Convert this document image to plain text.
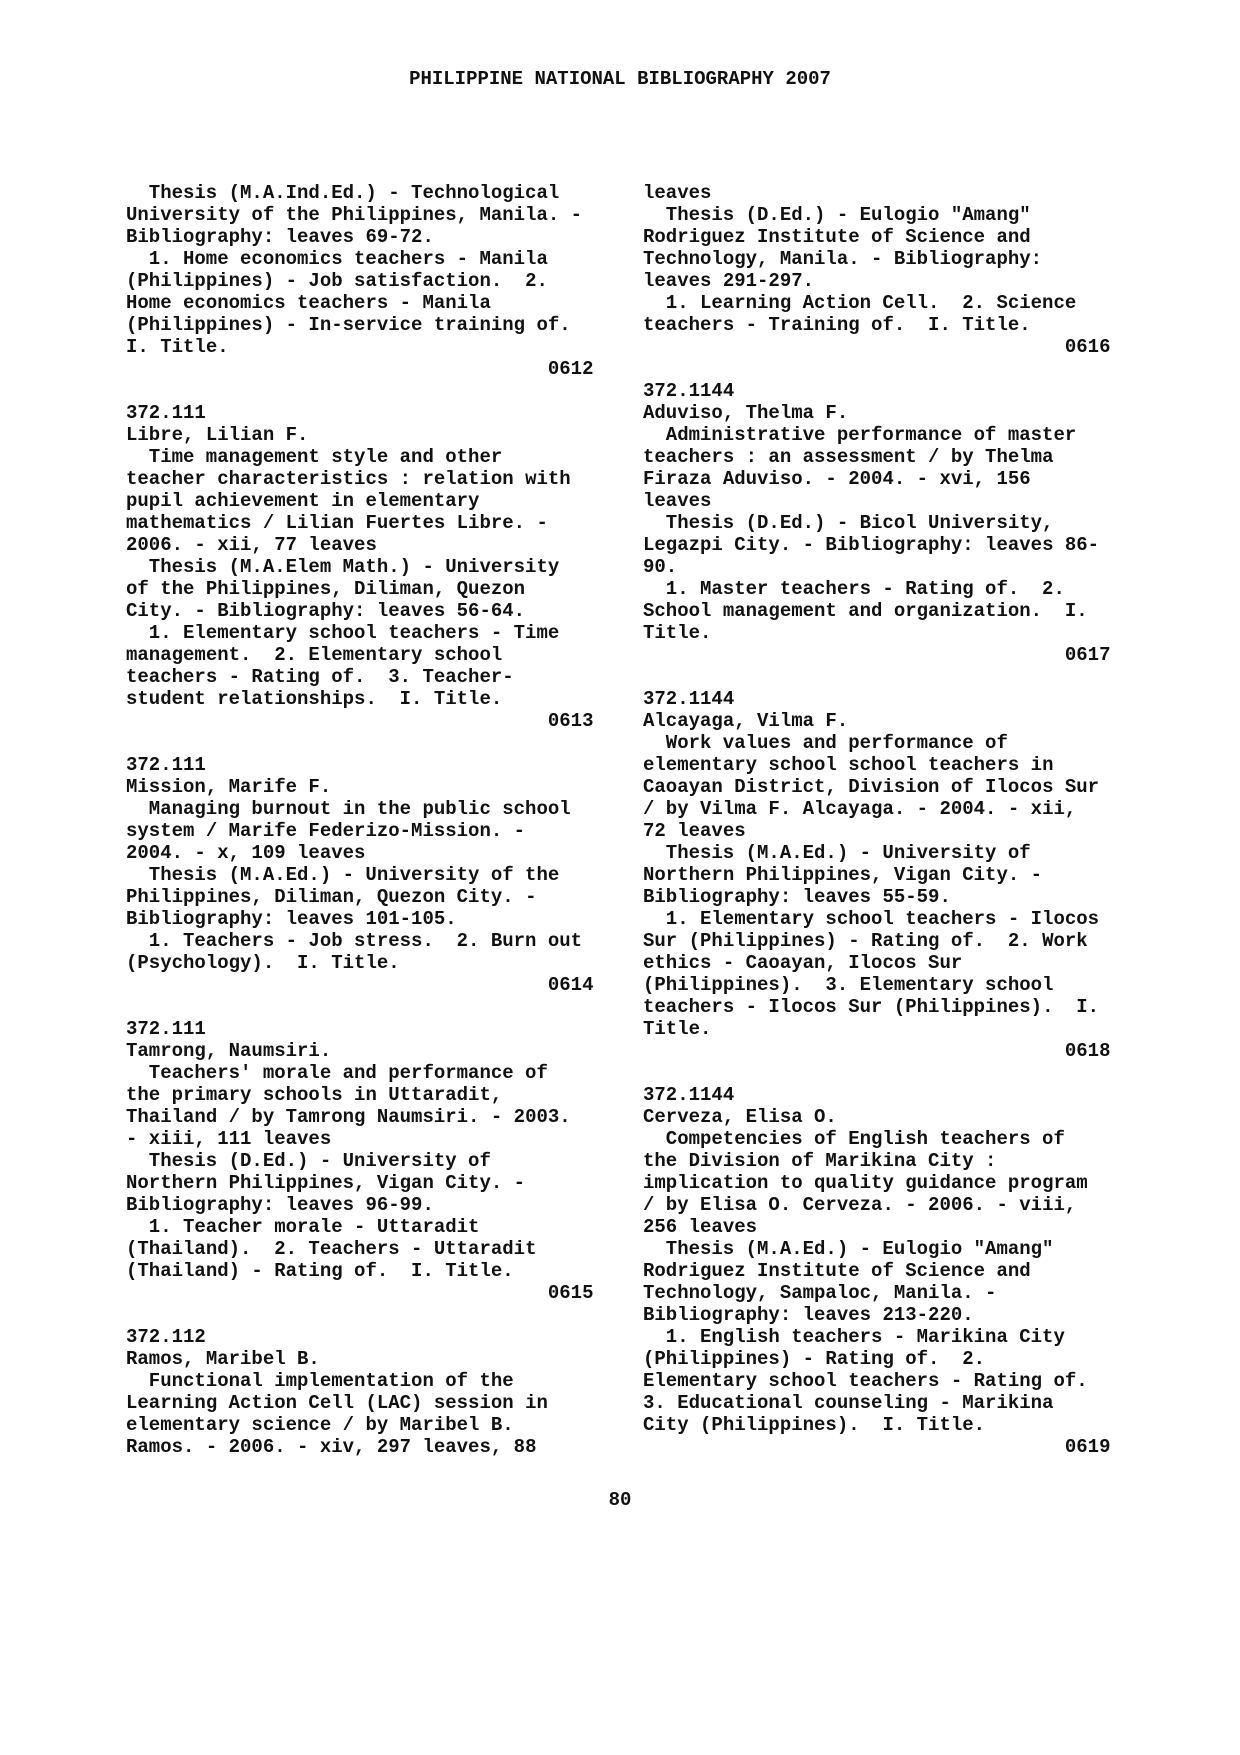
PHILIPPINE NATIONAL BIBLIOGRAPHY 2007
Thesis (M.A.Ind.Ed.) - Technological
University of the Philippines, Manila. -
Bibliography: leaves 69-72.
1. Home economics teachers - Manila
(Philippines) - Job satisfaction.  2.
Home economics teachers - Manila
(Philippines) - In-service training of.
I. Title.
0612
372.111
Libre, Lilian F.
Time management style and other
teacher characteristics : relation with
pupil achievement in elementary
mathematics / Lilian Fuertes Libre. -
2006. - xii, 77 leaves
Thesis (M.A.Elem Math.) - University
of the Philippines, Diliman, Quezon
City. - Bibliography: leaves 56-64.
1. Elementary school teachers - Time
management.  2. Elementary school
teachers - Rating of.  3. Teacher-
student relationships.  I. Title.
0613
372.111
Mission, Marife F.
Managing burnout in the public school
system / Marife Federizo-Mission. -
2004. - x, 109 leaves
Thesis (M.A.Ed.) - University of the
Philippines, Diliman, Quezon City. -
Bibliography: leaves 101-105.
1. Teachers - Job stress.  2. Burn out
(Psychology).  I. Title.
0614
372.111
Tamrong, Naumsiri.
Teachers' morale and performance of
the primary schools in Uttaradit,
Thailand / by Tamrong Naumsiri. - 2003.
- xiii, 111 leaves
Thesis (D.Ed.) - University of
Northern Philippines, Vigan City. -
Bibliography: leaves 96-99.
1. Teacher morale - Uttaradit
(Thailand).  2. Teachers - Uttaradit
(Thailand) - Rating of.  I. Title.
0615
372.112
Ramos, Maribel B.
Functional implementation of the
Learning Action Cell (LAC) session in
elementary science / by Maribel B.
Ramos. - 2006. - xiv, 297 leaves, 88
leaves
Thesis (D.Ed.) - Eulogio "Amang"
Rodriguez Institute of Science and
Technology, Manila. - Bibliography:
leaves 291-297.
1. Learning Action Cell.  2. Science
teachers - Training of.  I. Title.
0616
372.1144
Aduviso, Thelma F.
Administrative performance of master
teachers : an assessment / by Thelma
Firaza Aduviso. - 2004. - xvi, 156
leaves
Thesis (D.Ed.) - Bicol University,
Legazpi City. - Bibliography: leaves 86-
90.
1. Master teachers - Rating of.  2.
School management and organization.  I.
Title.
0617
372.1144
Alcayaga, Vilma F.
Work values and performance of
elementary school school teachers in
Caoayan District, Division of Ilocos Sur
/ by Vilma F. Alcayaga. - 2004. - xii,
72 leaves
Thesis (M.A.Ed.) - University of
Northern Philippines, Vigan City. -
Bibliography: leaves 55-59.
1. Elementary school teachers - Ilocos
Sur (Philippines) - Rating of.  2. Work
ethics - Caoayan, Ilocos Sur
(Philippines).  3. Elementary school
teachers - Ilocos Sur (Philippines).  I.
Title.
0618
372.1144
Cerveza, Elisa O.
Competencies of English teachers of
the Division of Marikina City :
implication to quality guidance program
/ by Elisa O. Cerveza. - 2006. - viii,
256 leaves
Thesis (M.A.Ed.) - Eulogio "Amang"
Rodriguez Institute of Science and
Technology, Sampaloc, Manila. -
Bibliography: leaves 213-220.
1. English teachers - Marikina City
(Philippines) - Rating of.  2.
Elementary school teachers - Rating of.
3. Educational counseling - Marikina
City (Philippines).  I. Title.
0619
80
